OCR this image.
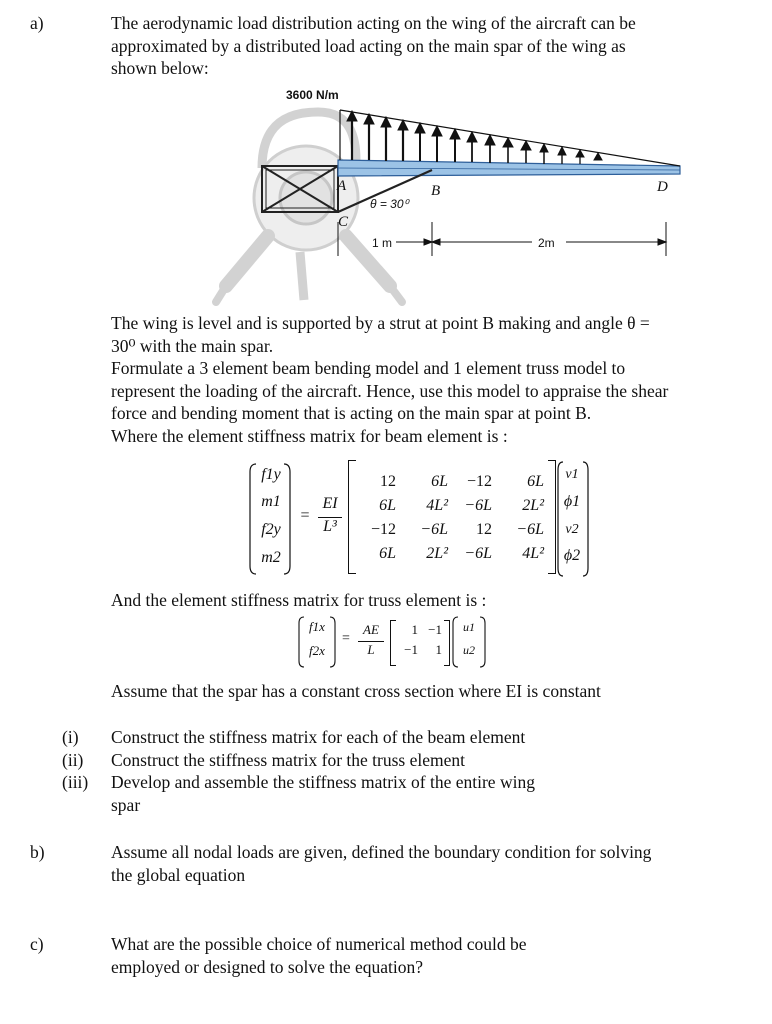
a)	The aerodynamic load distribution acting on the wing of the aircraft can be
approximated by a distributed load acting on the main spar of the wing as
shown below:
3600 N/m
A	B
C
D
θ = 30⁰
1 m	2m
The wing is level and is supported by a strut at point B making and angle θ =
30⁰ with the main spar.
Formulate a 3 element beam bending model and 1 element truss model to
represent the loading of the aircraft. Hence, use this model to appraise the shear
force and bending moment that is acting on the main spar at point B.
Where the element stiffness matrix for beam element is :
f1y
m1
f2y
m2
=
EI
L³
12	6L	−12	6L
6L	4L²	−6L	2L²
−12	−6L	12	−6L
6L	2L²	−6L	4L²
v1
ϕ1
v2
ϕ2
And the element stiffness matrix for truss element is :
f1x
f2x
=
AE
L
1 −1
−1	1
u1
u2
Assume that the spar has a constant cross section where EI is constant
(i) Construct the stiffness matrix for each of the beam element
(ii) Construct the stiffness matrix for the truss element
(iii) Develop and assemble the stiffness matrix of the entire wing
spar
b)	Assume all nodal loads are given, defined the boundary condition for solving
the global equation
c)	What are the possible choice of numerical method could be
employed or designed to solve the equation?
